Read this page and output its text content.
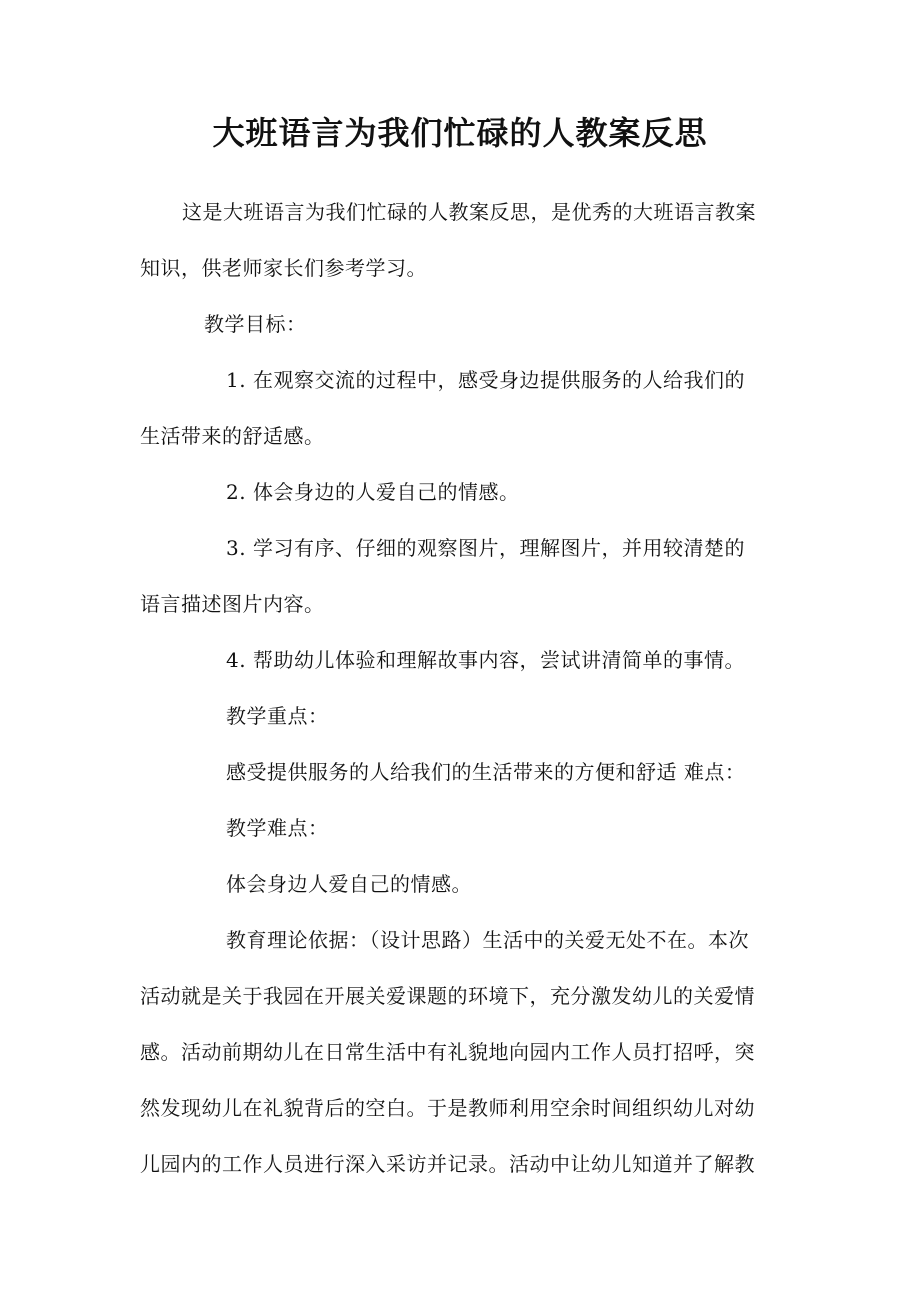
大班语言为我们忙碌的人教案反思
这是大班语言为我们忙碌的人教案反思，是优秀的大班语言教案
知识，供老师家长们参考学习。
教学目标：
1. 在观察交流的过程中，感受身边提供服务的人给我们的
生活带来的舒适感。
2. 体会身边的人爱自己的情感。
3. 学习有序、仔细的观察图片，理解图片，并用较清楚的
语言描述图片内容。
4. 帮助幼儿体验和理解故事内容，尝试讲清简单的事情。
教学重点：
感受提供服务的人给我们的生活带来的方便和舒适 难点：
教学难点：
体会身边人爱自己的情感。
教育理论依据：（设计思路）生活中的关爱无处不在。本次
活动就是关于我园在开展关爱课题的环境下，充分激发幼儿的关爱情
感。活动前期幼儿在日常生活中有礼貌地向园内工作人员打招呼，突
然发现幼儿在礼貌背后的空白。于是教师利用空余时间组织幼儿对幼
儿园内的工作人员进行深入采访并记录。活动中让幼儿知道并了解教
